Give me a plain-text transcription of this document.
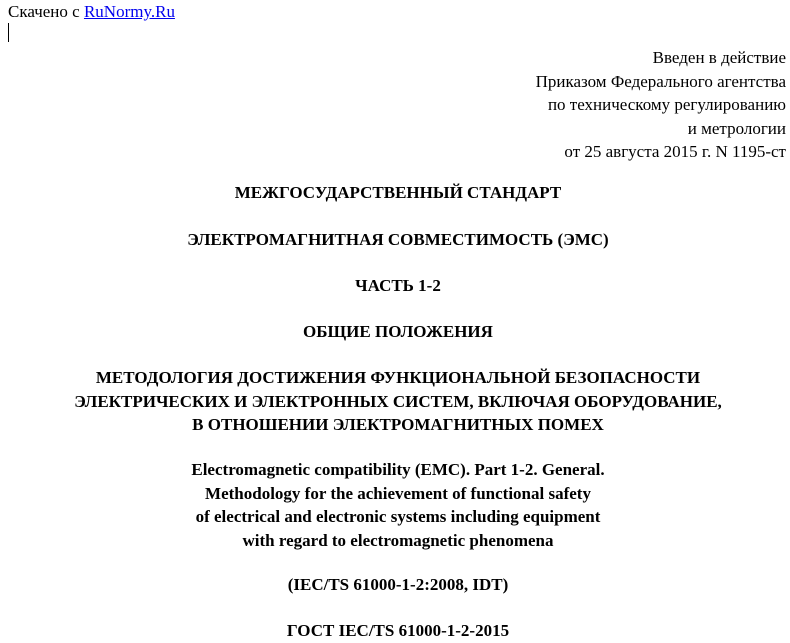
Скачено с RuNormy.Ru
Введен в действие
Приказом Федерального агентства
по техническому регулированию
и метрологии
от 25 августа 2015 г. N 1195-ст
МЕЖГОСУДАРСТВЕННЫЙ СТАНДАРТ
ЭЛЕКТРОМАГНИТНАЯ СОВМЕСТИМОСТЬ (ЭМС)
ЧАСТЬ 1-2
ОБЩИЕ ПОЛОЖЕНИЯ
МЕТОДОЛОГИЯ ДОСТИЖЕНИЯ ФУНКЦИОНАЛЬНОЙ БЕЗОПАСНОСТИ
ЭЛЕКТРИЧЕСКИХ И ЭЛЕКТРОННЫХ СИСТЕМ, ВКЛЮЧАЯ ОБОРУДОВАНИЕ,
В ОТНОШЕНИИ ЭЛЕКТРОМАГНИТНЫХ ПОМЕХ
Electromagnetic compatibility (EMC). Part 1-2. General.
Methodology for the achievement of functional safety
of electrical and electronic systems including equipment
with regard to electromagnetic phenomena
(IEC/TS 61000-1-2:2008, IDT)
ГОСТ IEC/TS 61000-1-2-2015
